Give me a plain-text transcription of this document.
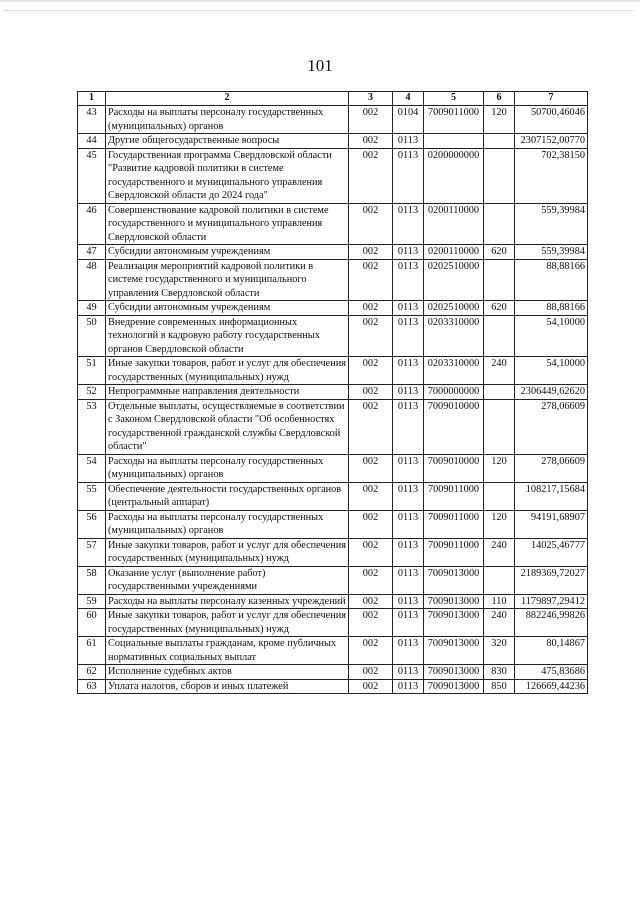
101
1	2	3	4	5	6	7
43	Расходы на выплаты персоналу государственных (муниципальных) органов	002	0104	7009011000	120	50700,46046
44	Другие общегосударственные вопросы	002	0113			2307152,00770
45	Государственная программа Свердловской области "Развитие кадровой политики в системе государственного и муниципального управления Свердловской области до 2024 года"	002	0113	0200000000		702,38150
46	Совершенствование кадровой политики в системе государственного и муниципального управления Свердловской области	002	0113	0200110000		559,39984
47	Субсидии автономным учреждениям	002	0113	0200110000	620	559,39984
48	Реализация мероприятий кадровой политики в системе государственного и муниципального управления Свердловской области	002	0113	0202510000		88,88166
49	Субсидии автономным учреждениям	002	0113	0202510000	620	88,88166
50	Внедрение современных информационных технологий в кадровую работу государственных органов Свердловской области	002	0113	0203310000		54,10000
51	Иные закупки товаров, работ и услуг для обеспечения государственных (муниципальных) нужд	002	0113	0203310000	240	54,10000
52	Непрограммные направления деятельности	002	0113	7000000000		2306449,62620
53	Отдельные выплаты, осуществляемые в соответствии с Законом Свердловской области "Об особенностях государственной гражданской службы Свердловской области"	002	0113	7009010000		278,06609
54	Расходы на выплаты персоналу государственных (муниципальных) органов	002	0113	7009010000	120	278,06609
55	Обеспечение деятельности государственных органов (центральный аппарат)	002	0113	7009011000		108217,15684
56	Расходы на выплаты персоналу государственных (муниципальных) органов	002	0113	7009011000	120	94191,68907
57	Иные закупки товаров, работ и услуг для обеспечения государственных (муниципальных) нужд	002	0113	7009011000	240	14025,46777
58	Оказание услуг (выполнение работ) государственными учреждениями	002	0113	7009013000		2189369,72027
59	Расходы на выплаты персоналу казенных учреждений	002	0113	7009013000	110	1179897,29412
60	Иные закупки товаров, работ и услуг для обеспечения государственных (муниципальных) нужд	002	0113	7009013000	240	882246,99826
61	Социальные выплаты гражданам, кроме публичных нормативных социальных выплат	002	0113	7009013000	320	80,14867
62	Исполнение судебных актов	002	0113	7009013000	830	475,83686
63	Уплата налогов, сборов и иных платежей	002	0113	7009013000	850	126669,44236
